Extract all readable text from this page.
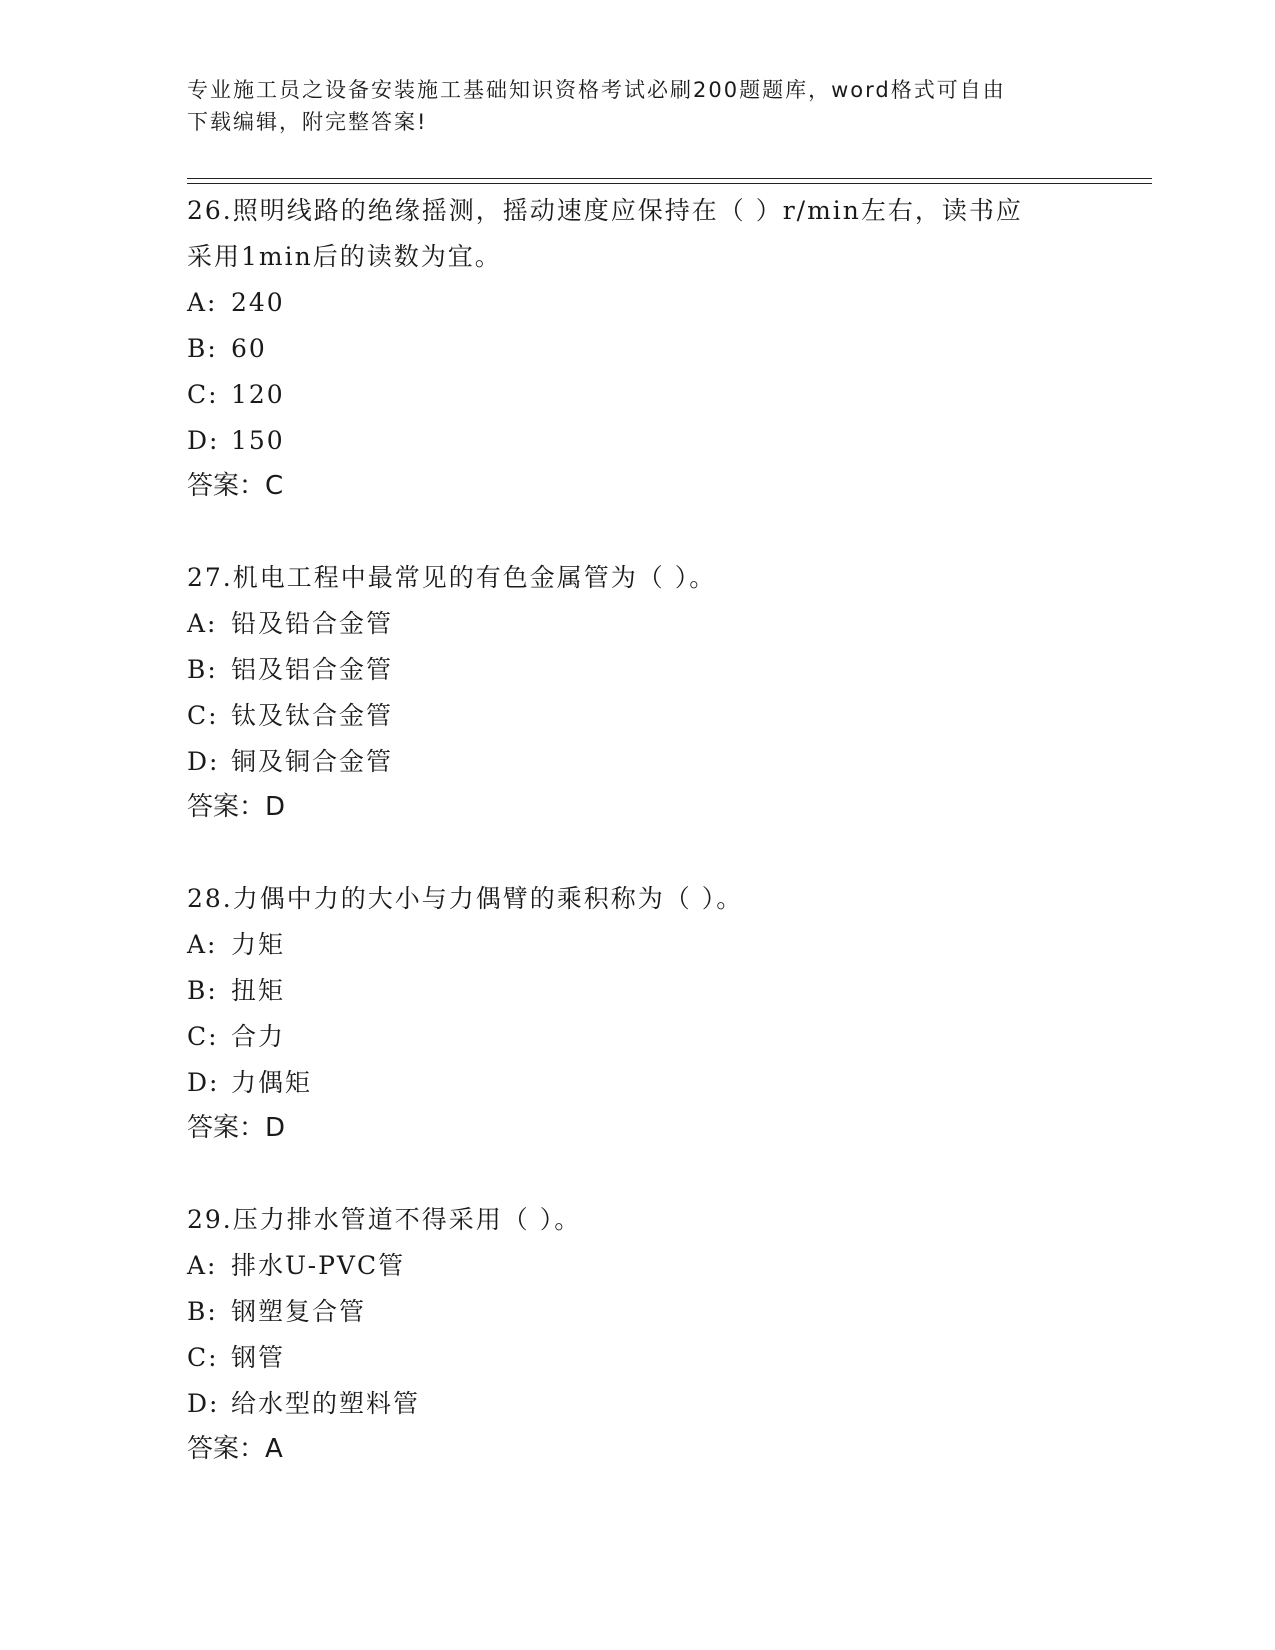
专业施工员之设备安装施工基础知识资格考试必刷200题题库，word格式可自由
下载编辑，附完整答案!
26.照明线路的绝缘摇测，摇动速度应保持在（ ）r/min左右，读书应
采用1min后的读数为宜。
A: 240
B: 60
C: 120
D: 150
答案：C
27.机电工程中最常见的有色金属管为（ ）。
A: 铅及铅合金管
B: 铝及铝合金管
C: 钛及钛合金管
D: 铜及铜合金管
答案：D
28.力偶中力的大小与力偶臂的乘积称为（ ）。
A: 力矩
B: 扭矩
C: 合力
D: 力偶矩
答案：D
29.压力排水管道不得采用（ ）。
A: 排水U-PVC管
B: 钢塑复合管
C: 钢管
D: 给水型的塑料管
答案：A
